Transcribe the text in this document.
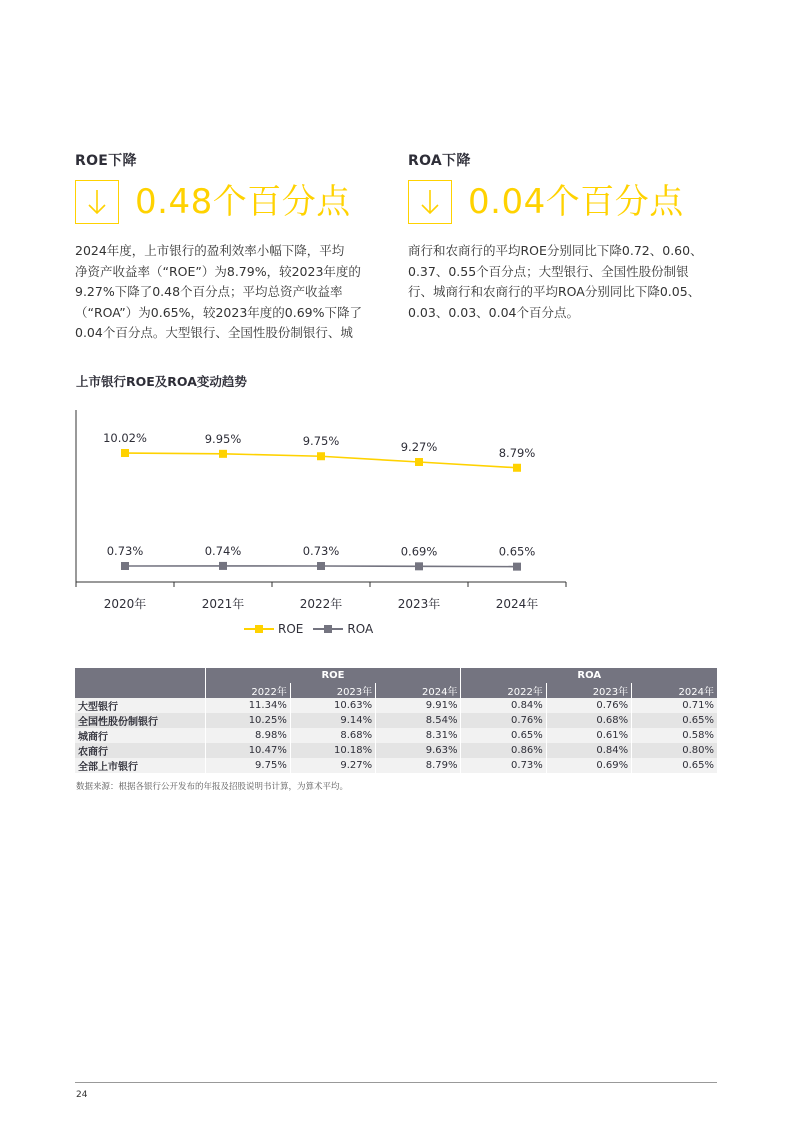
ROE下降
0.48个百分点
ROA下降
0.04个百分点
2024年度，上市银行的盈利效率小幅下降，平均
净资产收益率（“ROE”）为8.79%，较2023年度的
9.27%下降了0.48个百分点；平均总资产收益率
（“ROA”）为0.65%，较2023年度的0.69%下降了
0.04个百分点。大型银行、全国性股份制银行、城
商行和农商行的平均ROE分别同比下降0.72、0.60、
0.37、0.55个百分点；大型银行、全国性股份制银
行、城商行和农商行的平均ROA分别同比下降0.05、
0.03、0.03、0.04个百分点。
上市银行ROE及ROA变动趋势
2020年	2021年	2022年	2023年	2024年
10.02%	9.95%	9.75%	9.27%	8.79%
0.73%	0.74%	0.73%	0.69%	0.65%
ROE	ROA
	ROE			ROA		
	2022年	2023年	2024年	2022年	2023年	2024年
大型银行	11.34%	10.63%	9.91%	0.84%	0.76%	0.71%
全国性股份制银行	10.25%	9.14%	8.54%	0.76%	0.68%	0.65%
城商行	8.98%	8.68%	8.31%	0.65%	0.61%	0.58%
农商行	10.47%	10.18%	9.63%	0.86%	0.84%	0.80%
全部上市银行	9.75%	9.27%	8.79%	0.73%	0.69%	0.65%
数据来源：根据各银行公开发布的年报及招股说明书计算，为算术平均。
24
